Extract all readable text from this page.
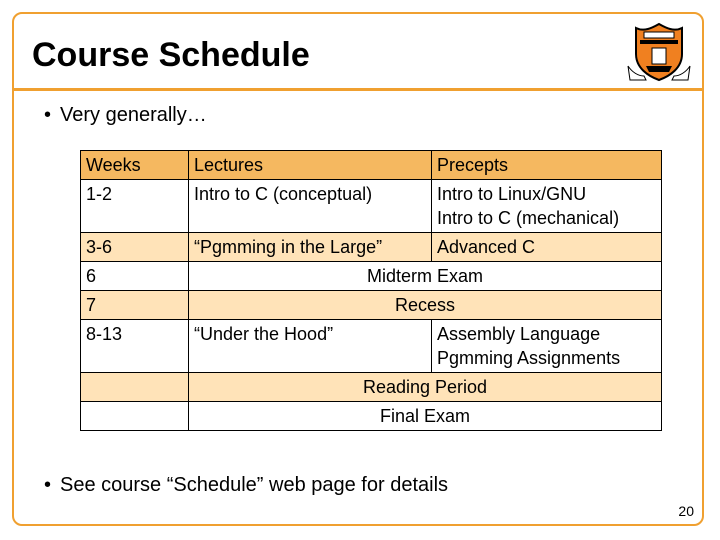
Course Schedule

• Very generally…

Weeks	Lectures	Precepts
1-2	Intro to C (conceptual)	Intro to Linux/GNU
Intro to C (mechanical)

3-6	“Pgmming in the Large”	Advanced C
6	Midterm Exam	
7	Recess	
8-13	“Under the Hood”	Assembly Language
Pgmming Assignments

	Reading Period	
	Final Exam	

• See course “Schedule” web page for details

20
